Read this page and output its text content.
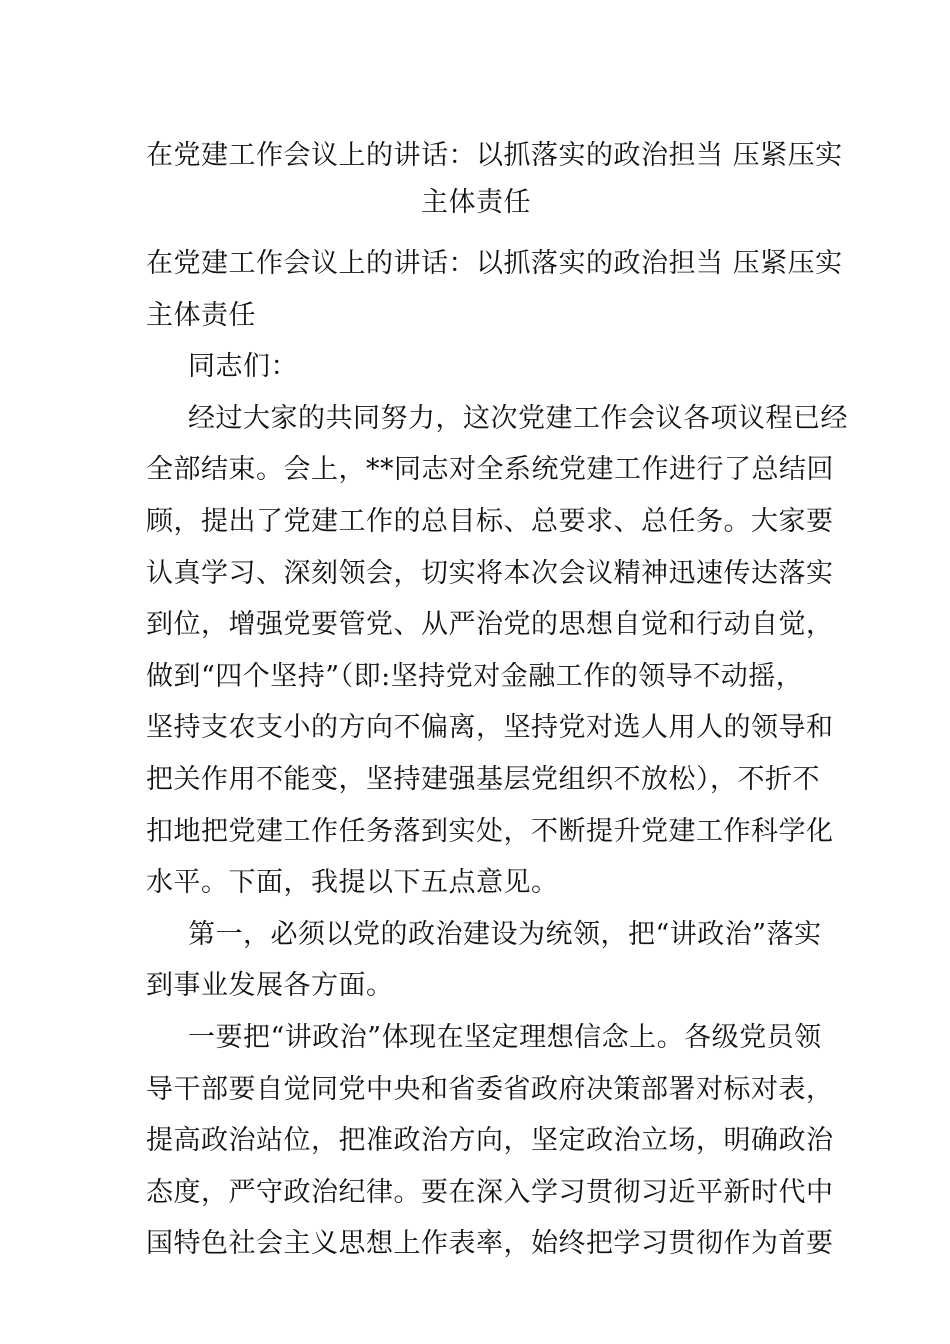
在党建工作会议上的讲话：以抓落实的政治担当 压紧压实
主体责任
在党建工作会议上的讲话：以抓落实的政治担当 压紧压实
主体责任
同志们：
经过大家的共同努力，这次党建工作会议各项议程已经
全部结束。会上，**同志对全系统党建工作进行了总结回
顾，提出了党建工作的总目标、总要求、总任务。大家要
认真学习、深刻领会，切实将本次会议精神迅速传达落实
到位，增强党要管党、从严治党的思想自觉和行动自觉，
做到“四个坚持”（即:坚持党对金融工作的领导不动摇，
坚持支农支小的方向不偏离，坚持党对选人用人的领导和
把关作用不能变，坚持建强基层党组织不放松），不折不
扣地把党建工作任务落到实处，不断提升党建工作科学化
水平。下面，我提以下五点意见。
第一，必须以党的政治建设为统领，把“讲政治”落实
到事业发展各方面。
一要把“讲政治”体现在坚定理想信念上。各级党员领
导干部要自觉同党中央和省委省政府决策部署对标对表，
提高政治站位，把准政治方向，坚定政治立场，明确政治
态度，严守政治纪律。要在深入学习贯彻习近平新时代中
国特色社会主义思想上作表率，始终把学习贯彻作为首要
